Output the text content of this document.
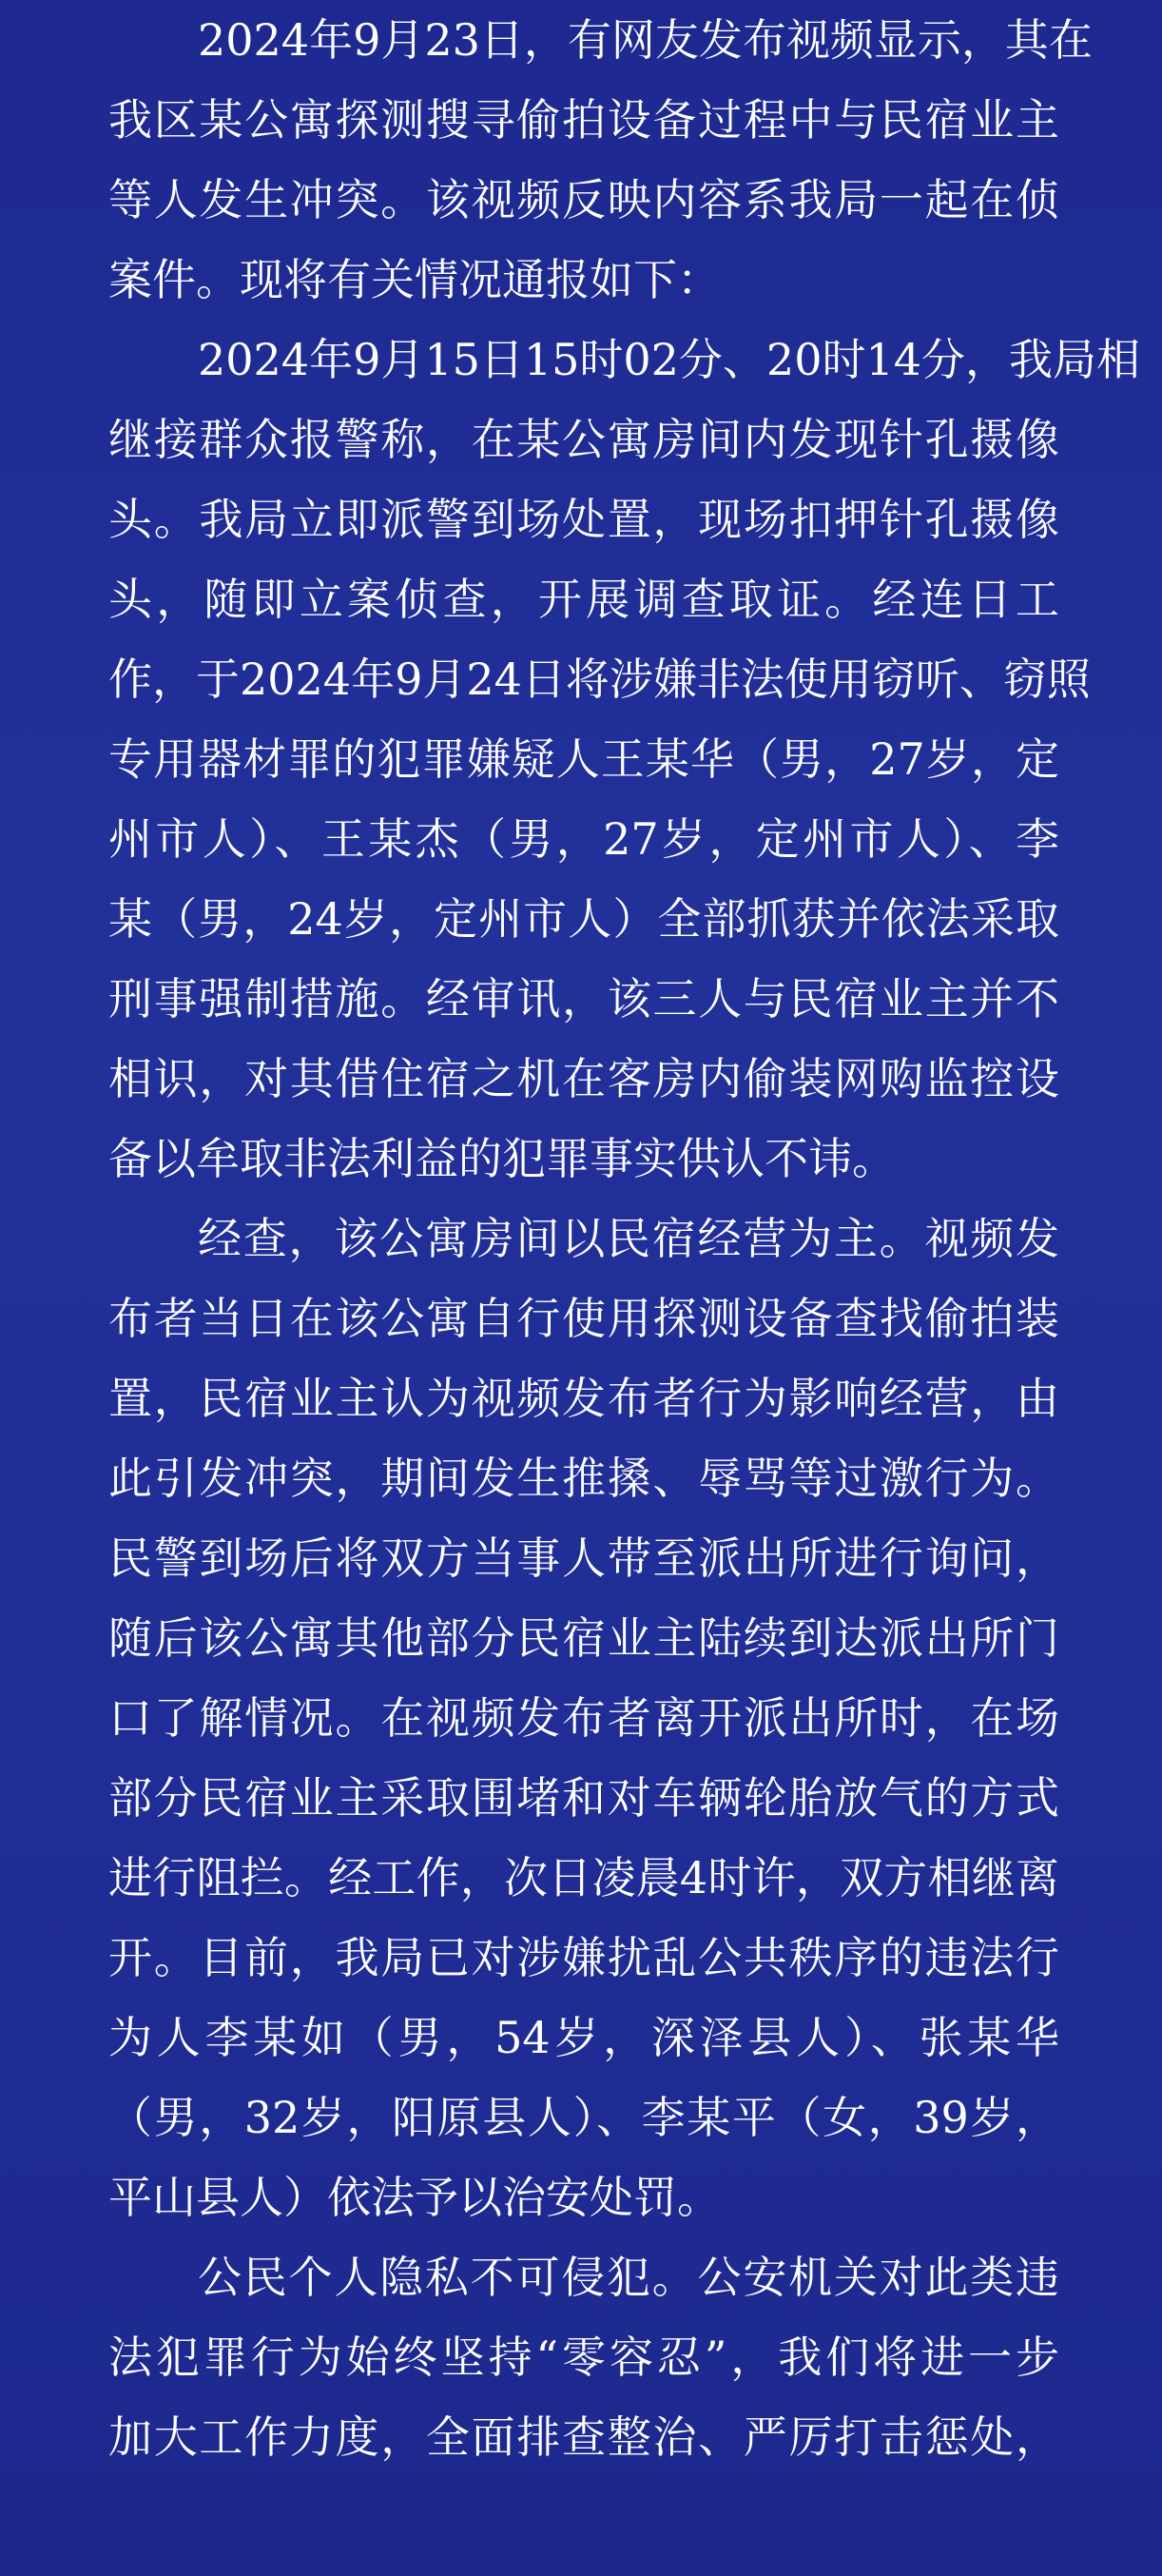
2024年9月23日，有网友发布视频显示，其在
我区某公寓探测搜寻偷拍设备过程中与民宿业主
等人发生冲突。该视频反映内容系我局一起在侦
案件。现将有关情况通报如下：
2024年9月15日15时02分、20时14分，我局相
继接群众报警称，在某公寓房间内发现针孔摄像
头。我局立即派警到场处置，现场扣押针孔摄像
头，随即立案侦查，开展调查取证。经连日工
作，于2024年9月24日将涉嫌非法使用窃听、窃照
专用器材罪的犯罪嫌疑人王某华（男，27岁，定
州市人）、王某杰（男，27岁，定州市人）、李
某（男，24岁，定州市人）全部抓获并依法采取
刑事强制措施。经审讯，该三人与民宿业主并不
相识，对其借住宿之机在客房内偷装网购监控设
备以牟取非法利益的犯罪事实供认不讳。
经查，该公寓房间以民宿经营为主。视频发
布者当日在该公寓自行使用探测设备查找偷拍装
置，民宿业主认为视频发布者行为影响经营，由
此引发冲突，期间发生推搡、辱骂等过激行为。
民警到场后将双方当事人带至派出所进行询问，
随后该公寓其他部分民宿业主陆续到达派出所门
口了解情况。在视频发布者离开派出所时，在场
部分民宿业主采取围堵和对车辆轮胎放气的方式
进行阻拦。经工作，次日凌晨4时许，双方相继离
开。目前，我局已对涉嫌扰乱公共秩序的违法行
为人李某如（男，54岁，深泽县人）、张某华
（男，32岁，阳原县人）、李某平（女，39岁，
平山县人）依法予以治安处罚。
公民个人隐私不可侵犯。公安机关对此类违
法犯罪行为始终坚持“零容忍”，我们将进一步
加大工作力度，全面排查整治、严厉打击惩处，
